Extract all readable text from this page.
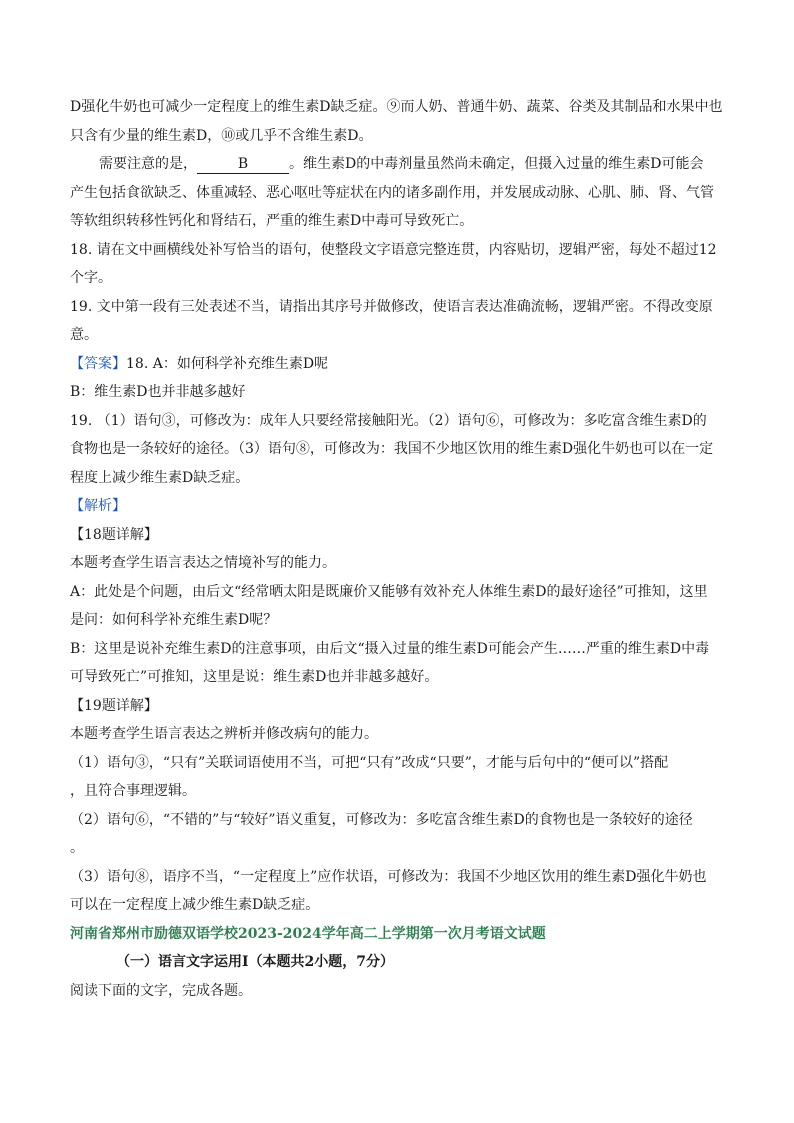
D强化牛奶也可减少一定程度上的维生素D缺乏症。⑨而人奶、普通牛奶、蔬菜、谷类及其制品和水果中也
只含有少量的维生素D，⑩或几乎不含维生素D。
需要注意的是，	B	。维生素D的中毒剂量虽然尚未确定，但摄入过量的维生素D可能会
产生包括食欲缺乏、体重减轻、恶心呕吐等症状在内的诸多副作用，并发展成动脉、心肌、肺、肾、气管
等软组织转移性钙化和肾结石，严重的维生素D中毒可导致死亡。
18. 请在文中画横线处补写恰当的语句，使整段文字语意完整连贯，内容贴切，逻辑严密，每处不超过12
个字。
19. 文中第一段有三处表述不当，请指出其序号并做修改，使语言表达准确流畅，逻辑严密。不得改变原
意。
【答案】18. A：如何科学补充维生素D呢
B：维生素D也并非越多越好
19. （1）语句③，可修改为：成年人只要经常接触阳光。（2）语句⑥，可修改为：多吃富含维生素D的
食物也是一条较好的途径。（3）语句⑧，可修改为：我国不少地区饮用的维生素D强化牛奶也可以在一定
程度上减少维生素D缺乏症。
【解析】
【18题详解】
本题考查学生语言表达之情境补写的能力。
A：此处是个问题，由后文“经常晒太阳是既廉价又能够有效补充人体维生素D的最好途径”可推知，这里
是问：如何科学补充维生素D呢？
B：这里是说补充维生素D的注意事项，由后文“摄入过量的维生素D可能会产生……严重的维生素D中毒
可导致死亡”可推知，这里是说：维生素D也并非越多越好。
【19题详解】
本题考查学生语言表达之辨析并修改病句的能力。
（1）语句③，“只有”关联词语使用不当，可把“只有”改成“只要”，才能与后句中的“便可以”搭配
，且符合事理逻辑。
（2）语句⑥，“不错的”与“较好”语义重复，可修改为：多吃富含维生素D的食物也是一条较好的途径
。
（3）语句⑧，语序不当，“一定程度上”应作状语，可修改为：我国不少地区饮用的维生素D强化牛奶也
可以在一定程度上减少维生素D缺乏症。
河南省郑州市励德双语学校2023-2024学年高二上学期第一次月考语文试题
（一）语言文字运用Ⅰ（本题共2小题，7分）
阅读下面的文字，完成各题。
